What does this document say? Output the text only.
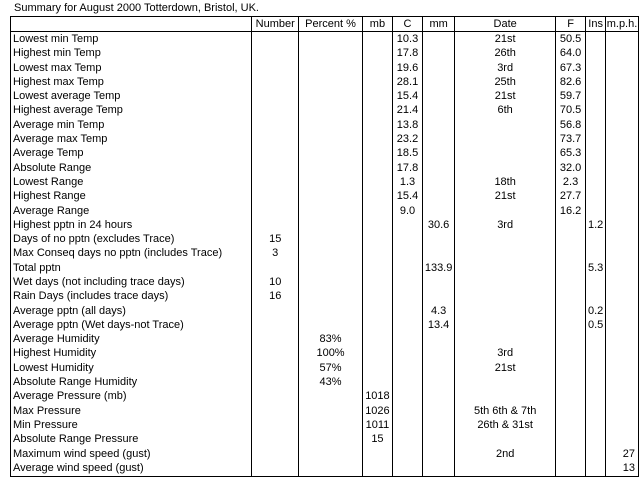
Summary for August 2000 Totterdown, Bristol, UK.
	Number	Percent %	mb	C	mm	Date	F	Ins	m.p.h.
Lowest min Temp				10.3		21st	50.5		
Highest min Temp				17.8		26th	64.0		
Lowest max Temp				19.6		3rd	67.3		
Highest max Temp				28.1		25th	82.6		
Lowest average Temp				15.4		21st	59.7		
Highest average Temp				21.4		6th	70.5		
Average min Temp				13.8			56.8		
Average max Temp				23.2			73.7		
Average Temp				18.5			65.3		
Absolute Range				17.8			32.0		
Lowest Range				1.3		18th	2.3		
Highest Range				15.4		21st	27.7		
Average Range				9.0			16.2		
Highest pptn in 24 hours					30.6	3rd		1.2	
Days of no pptn (excludes Trace)	15								
Max Conseq days no pptn (includes Trace)	3								
Total pptn					133.9			5.3	
Wet days (not including trace days)	10								
Rain Days (includes trace days)	16								
Average pptn (all days)					4.3			0.2	
Average pptn (Wet days-not Trace)					13.4			0.5	
Average Humidity		83%							
Highest Humidity		100%				3rd			
Lowest Humidity		57%				21st			
Absolute Range Humidity		43%							
Average Pressure (mb)			1018						
Max Pressure			1026			5th 6th & 7th			
Min Pressure			1011			26th & 31st			
Absolute Range Pressure			15						
Maximum wind speed (gust)						2nd			27
Average wind speed (gust)									13
